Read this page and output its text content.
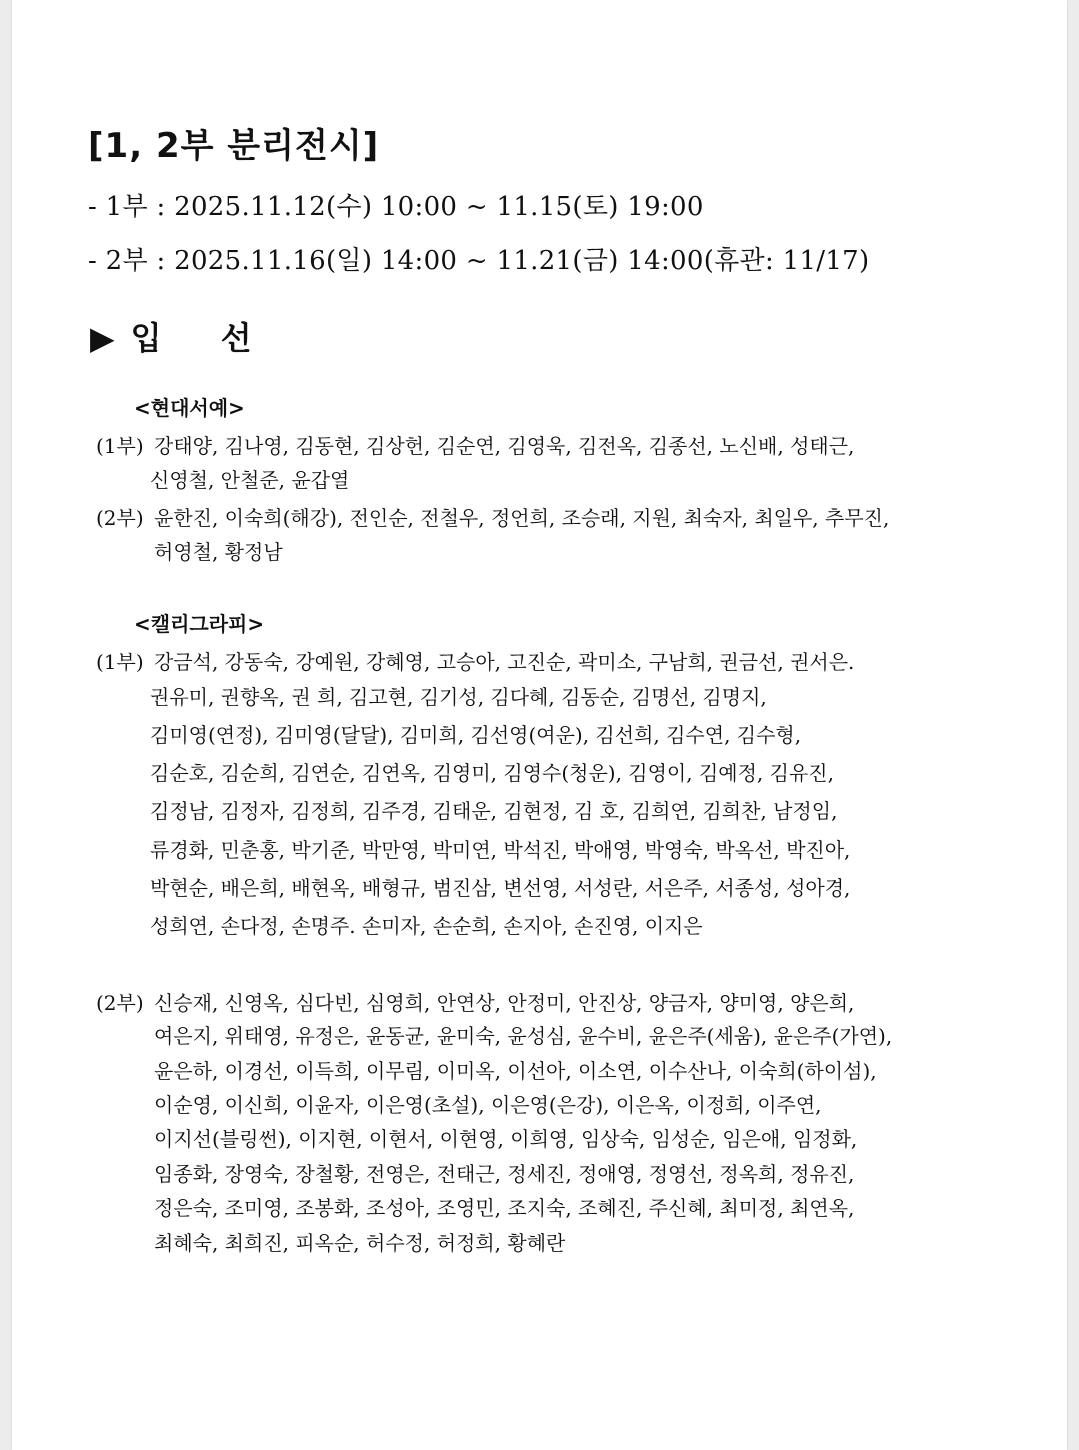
[1, 2부 분리전시]
- 1부 : 2025.11.12(수) 10:00 ~ 11.15(토) 19:00
- 2부 : 2025.11.16(일) 14:00 ~ 11.21(금) 14:00(휴관: 11/17)
▶ 입 선
<현대서예>
(1부) 강태양, 김나영, 김동현, 김상헌, 김순연, 김영욱, 김전옥, 김종선, 노신배, 성태근,
신영철, 안철준, 윤갑열
(2부) 윤한진, 이숙희(해강), 전인순, 전철우, 정언희, 조승래, 지원, 최숙자, 최일우, 추무진,
허영철, 황정남
<캘리그라피>
(1부) 강금석, 강동숙, 강예원, 강혜영, 고승아, 고진순, 곽미소, 구남희, 권금선, 권서은.
권유미, 권향옥, 권 희, 김고현, 김기성, 김다혜, 김동순, 김명선, 김명지,
김미영(연정), 김미영(달달), 김미희, 김선영(여운), 김선희, 김수연, 김수형,
김순호, 김순희, 김연순, 김연옥, 김영미, 김영수(청운), 김영이, 김예정, 김유진,
김정남, 김정자, 김정희, 김주경, 김태운, 김현정, 김 호, 김희연, 김희찬, 남정임,
류경화, 민춘홍, 박기준, 박만영, 박미연, 박석진, 박애영, 박영숙, 박옥선, 박진아,
박현순, 배은희, 배현옥, 배형규, 범진삼, 변선영, 서성란, 서은주, 서종성, 성아경,
성희연, 손다정, 손명주. 손미자, 손순희, 손지아, 손진영, 이지은
(2부) 신승재, 신영옥, 심다빈, 심영희, 안연상, 안정미, 안진상, 양금자, 양미영, 양은희,
여은지, 위태영, 유정은, 윤동균, 윤미숙, 윤성심, 윤수비, 윤은주(세움), 윤은주(가연),
윤은하, 이경선, 이득희, 이무림, 이미옥, 이선아, 이소연, 이수산나, 이숙희(하이섬),
이순영, 이신희, 이윤자, 이은영(초설), 이은영(은강), 이은옥, 이정희, 이주연,
이지선(블링썬), 이지현, 이현서, 이현영, 이희영, 임상숙, 임성순, 임은애, 임정화,
임종화, 장영숙, 장철황, 전영은, 전태근, 정세진, 정애영, 정영선, 정옥희, 정유진,
정은숙, 조미영, 조봉화, 조성아, 조영민, 조지숙, 조혜진, 주신혜, 최미정, 최연옥,
최혜숙, 최희진, 피옥순, 허수정, 허정희, 황혜란
